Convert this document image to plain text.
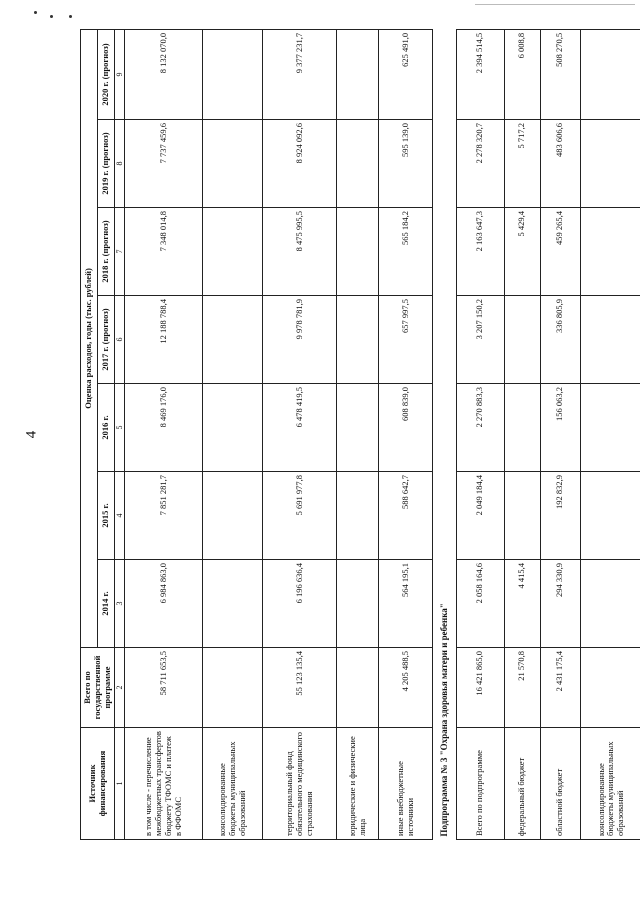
4
Источник финансирования	Всего по государственной программе	Оценка расходов, годы (тыс. рублей)						
		2014 г.	2015 г.	2016 г.	2017 г. (прогноз)	2018 г. (прогноз)	2019 г. (прогноз)	2020 г. (прогноз)
1	2	3	4	5	6	7	8	9
в том числе - перечисление межбюджетных трансфертов бюджету ТФОМС и платеж в ФФОМС	58 711 653,5	6 984 863,0	7 851 281,7	8 469 176,0	12 188 788,4	7 348 014,8	7 737 459,6	8 132 070,0
консолидированные бюджеты муниципальных образований								
территориальный фонд обязательного медицинского страхования	55 123 135,4	6 196 636,4	5 691 977,8	6 478 419,5	9 978 781,9	8 475 995,5	8 924 092,6	9 377 231,7
юридические и физические лица								
иные внебюджетные источники	4 205 488,5	564 195,1	588 642,7	608 839,0	657 997,5	565 184,2	595 139,0	625 491,0
Подпрограмма № 3 "Охрана здоровья матери и ребенка"								
Всего по подпрограмме	16 421 865,0	2 058 164,6	2 049 184,4	2 270 883,3	3 207 150,2	2 163 647,3	2 278 320,7	2 394 514,5
федеральный бюджет	21 570,8	4 415,4				5 429,4	5 717,2	6 008,8
областной бюджет	2 431 175,4	294 330,9	192 832,9	156 063,2	336 805,9	459 265,4	483 606,6	508 270,5
консолидированные бюджеты муниципальных образований								
